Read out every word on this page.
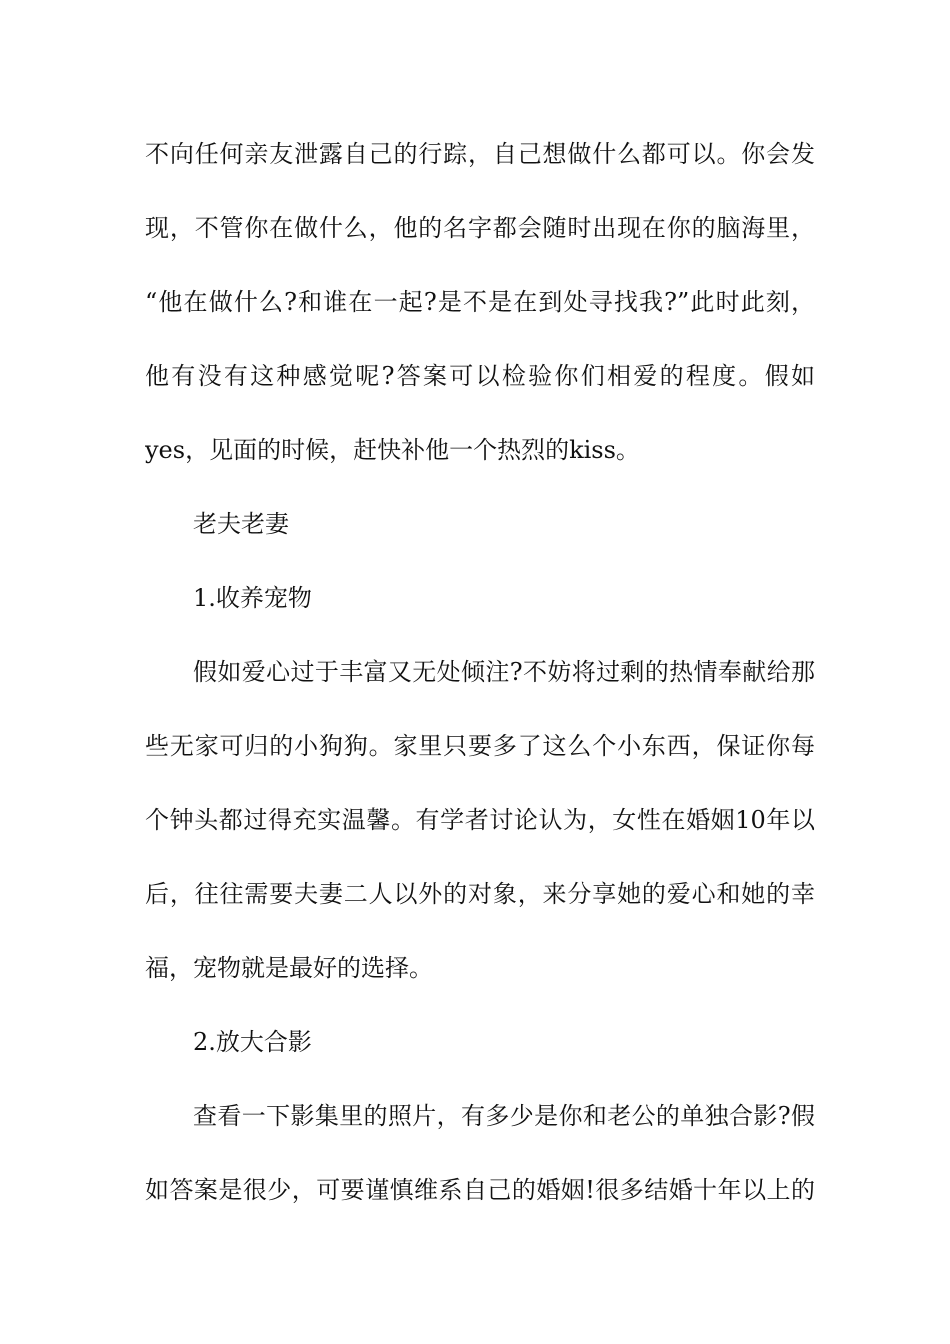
不向任何亲友泄露自己的行踪，自己想做什么都可以。你会发
现，不管你在做什么，他的名字都会随时出现在你的脑海里，
“他在做什么?和谁在一起?是不是在到处寻找我?”此时此刻，
他有没有这种感觉呢?答案可以检验你们相爱的程度。假如
yes，见面的时候，赶快补他一个热烈的kiss。
老夫老妻
1.收养宠物
假如爱心过于丰富又无处倾注?不妨将过剩的热情奉献给那
些无家可归的小狗狗。家里只要多了这么个小东西，保证你每
个钟头都过得充实温馨。有学者讨论认为，女性在婚姻10年以
后，往往需要夫妻二人以外的对象，来分享她的爱心和她的幸
福，宠物就是最好的选择。
2.放大合影
查看一下影集里的照片，有多少是你和老公的单独合影?假
如答案是很少，可要谨慎维系自己的婚姻!很多结婚十年以上的
